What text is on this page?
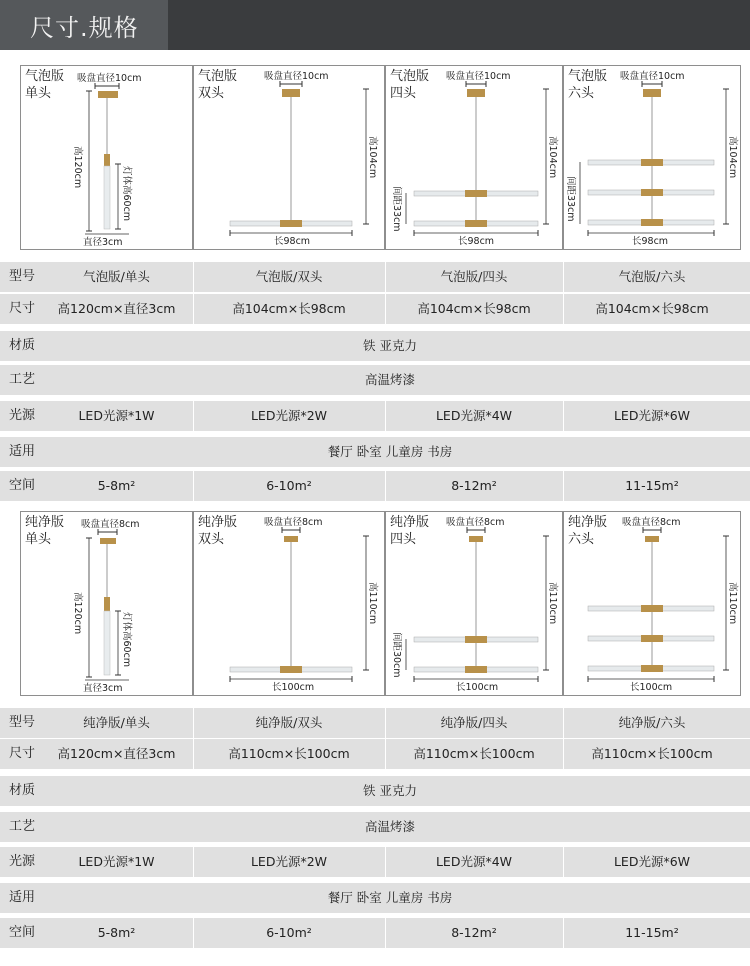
尺寸.规格
气泡版
单头
吸盘直径10cm
高120cm	灯体高60cm
直径3cm
气泡版
双头
吸盘直径10cm
高104cm
长98cm
气泡版
四头
吸盘直径10cm
高104cm
间距33cm
长98cm
气泡版
六头
吸盘直径10cm
高104cm
间距33cm
长98cm
型号	气泡版/单头	气泡版/双头	气泡版/四头	气泡版/六头
尺寸	高120cm×直径3cm	高104cm×长98cm	高104cm×长98cm	高104cm×长98cm
材质	铁 亚克力
工艺	高温烤漆
光源	LED光源*1W	LED光源*2W	LED光源*4W	LED光源*6W
适用	餐厅 卧室 儿童房 书房
空间	5-8m²	6-10m²	8-12m²	11-15m²
纯净版
单头
吸盘直径8cm
高120cm	灯体高60cm
直径3cm
纯净版
双头
吸盘直径8cm
高110cm
长100cm
纯净版
四头
吸盘直径8cm
高110cm
间距30cm
长100cm
纯净版
六头
吸盘直径8cm
高110cm
长100cm
型号	纯净版/单头	纯净版/双头	纯净版/四头	纯净版/六头
尺寸	高120cm×直径3cm	高110cm×长100cm	高110cm×长100cm	高110cm×长100cm
材质	铁 亚克力
工艺	高温烤漆
光源	LED光源*1W	LED光源*2W	LED光源*4W	LED光源*6W
适用	餐厅 卧室 儿童房 书房
空间	5-8m²	6-10m²	8-12m²	11-15m²
